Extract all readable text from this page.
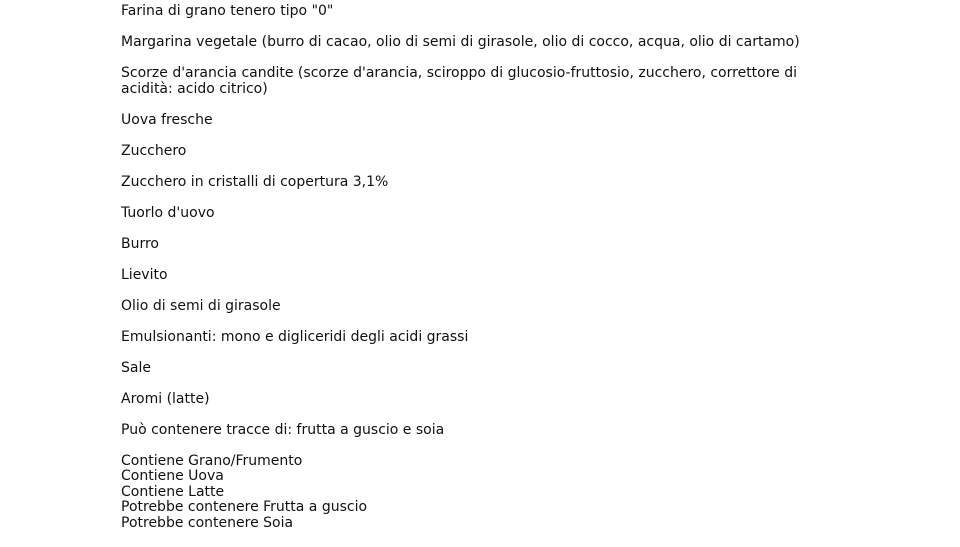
Farina di grano tenero tipo "0"

Margarina vegetale (burro di cacao, olio di semi di girasole, olio di cocco, acqua, olio di cartamo)

Scorze d'arancia candite (scorze d'arancia, sciroppo di glucosio-fruttosio, zucchero, correttore di acidità: acido citrico)

Uova fresche

Zucchero

Zucchero in cristalli di copertura 3,1%

Tuorlo d'uovo

Burro

Lievito

Olio di semi di girasole

Emulsionanti: mono e digliceridi degli acidi grassi

Sale

Aromi (latte)

Può contenere tracce di: frutta a guscio e soia

Contiene Grano/Frumento

Contiene Uova

Contiene Latte

Potrebbe contenere Frutta a guscio

Potrebbe contenere Soia
